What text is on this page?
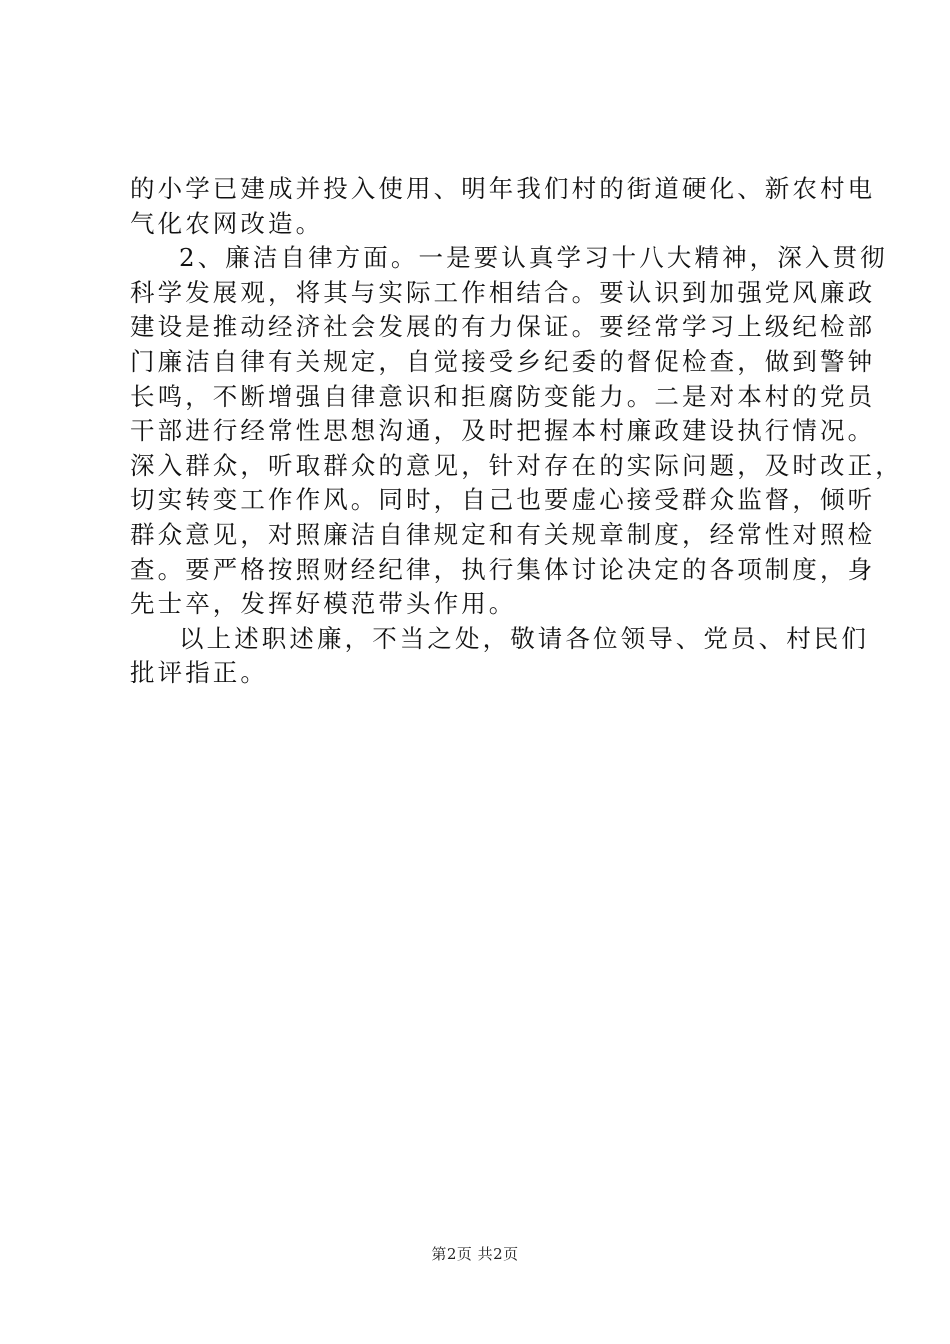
的小学已建成并投入使用、明年我们村的街道硬化、新农村电
气化农网改造。
2、廉洁自律方面。一是要认真学习十八大精神，深入贯彻
科学发展观，将其与实际工作相结合。要认识到加强党风廉政
建设是推动经济社会发展的有力保证。要经常学习上级纪检部
门廉洁自律有关规定，自觉接受乡纪委的督促检查，做到警钟
长鸣，不断增强自律意识和拒腐防变能力。二是对本村的党员
干部进行经常性思想沟通，及时把握本村廉政建设执行情况。
深入群众，听取群众的意见，针对存在的实际问题，及时改正，
切实转变工作作风。同时，自己也要虚心接受群众监督，倾听
群众意见，对照廉洁自律规定和有关规章制度，经常性对照检
查。要严格按照财经纪律，执行集体讨论决定的各项制度，身
先士卒，发挥好模范带头作用。
以上述职述廉，不当之处，敬请各位领导、党员、村民们
批评指正。
第2页 共2页
